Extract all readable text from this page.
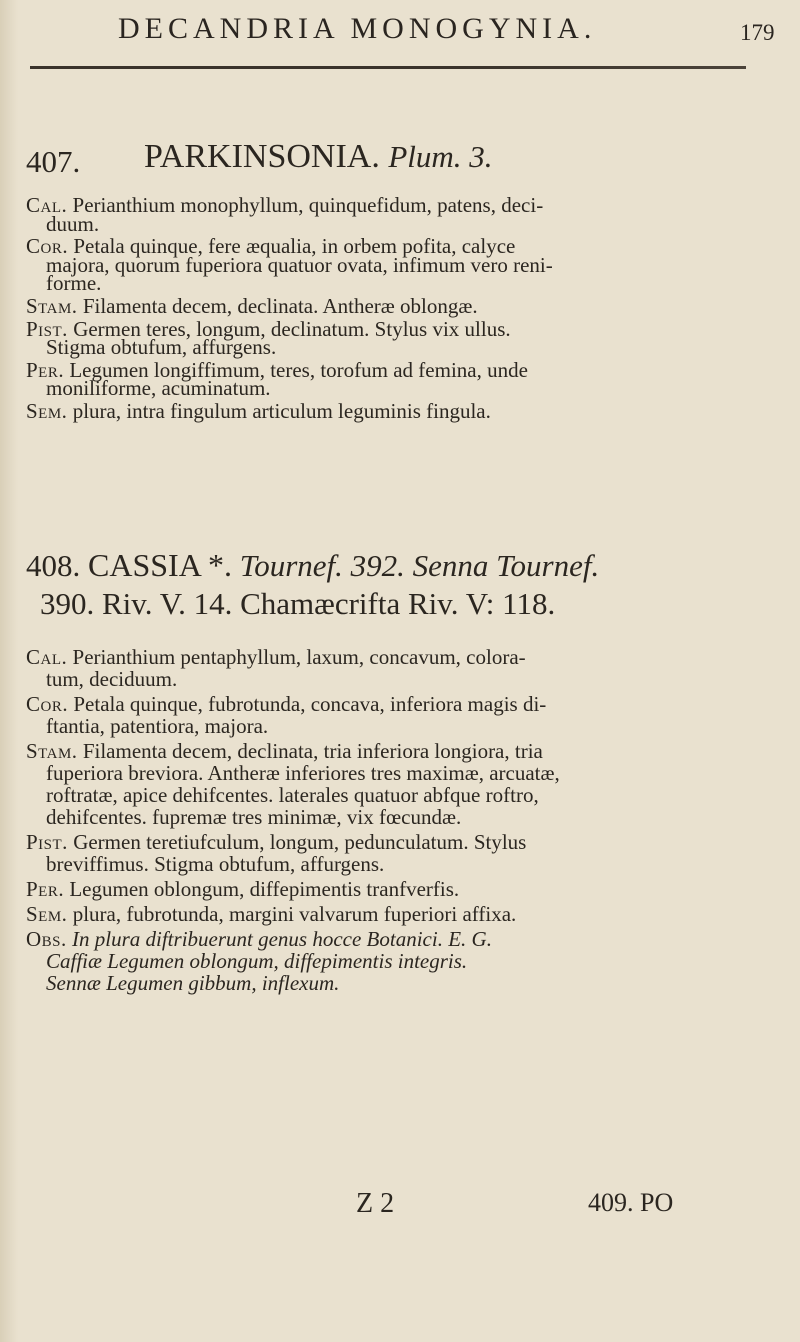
DECANDRIA MONOGYNIA.	179
407. PARKINSONIA. Plum. 3.
Cal. Perianthium monophyllum, quinquefidum, patens, deci-
duum.
Cor. Petala quinque, fere æqualia, in orbem pofita, calyce
majora, quorum fuperiora quatuor ovata, infimum vero reni-
forme.
Stam. Filamenta decem, declinata. Antheræ oblongæ.
Pist. Germen teres, longum, declinatum. Stylus vix ullus.
Stigma obtufum, affurgens.
Per. Legumen longiffimum, teres, torofum ad femina, unde
moniliforme, acuminatum.
Sem. plura, intra fingulum articulum leguminis fingula.
408. CASSIA *. Tournef. 392. Senna Tournef.
390. Riv. V. 14. Chamæcrifta Riv. V: 118.
Cal. Perianthium pentaphyllum, laxum, concavum, colora-
tum, deciduum.
Cor. Petala quinque, fubrotunda, concava, inferiora magis di-
ftantia, patentiora, majora.
Stam. Filamenta decem, declinata, tria inferiora longiora, tria
fuperiora breviora. Antheræ inferiores tres maximæ, arcuatæ,
roftratæ, apice dehifcentes. laterales quatuor abfque roftro,
dehifcentes. fupremæ tres minimæ, vix fœcundæ.
Pist. Germen teretiufculum, longum, pedunculatum. Stylus
breviffimus. Stigma obtufum, affurgens.
Per. Legumen oblongum, diffepimentis tranfverfis.
Sem. plura, fubrotunda, margini valvarum fuperiori affixa.
Obs. In plura diftribuerunt genus hocce Botanici. E. G.
Caffiæ Legumen oblongum, diffepimentis integris.
Sennæ Legumen gibbum, inflexum.
Z 2	409. PO
